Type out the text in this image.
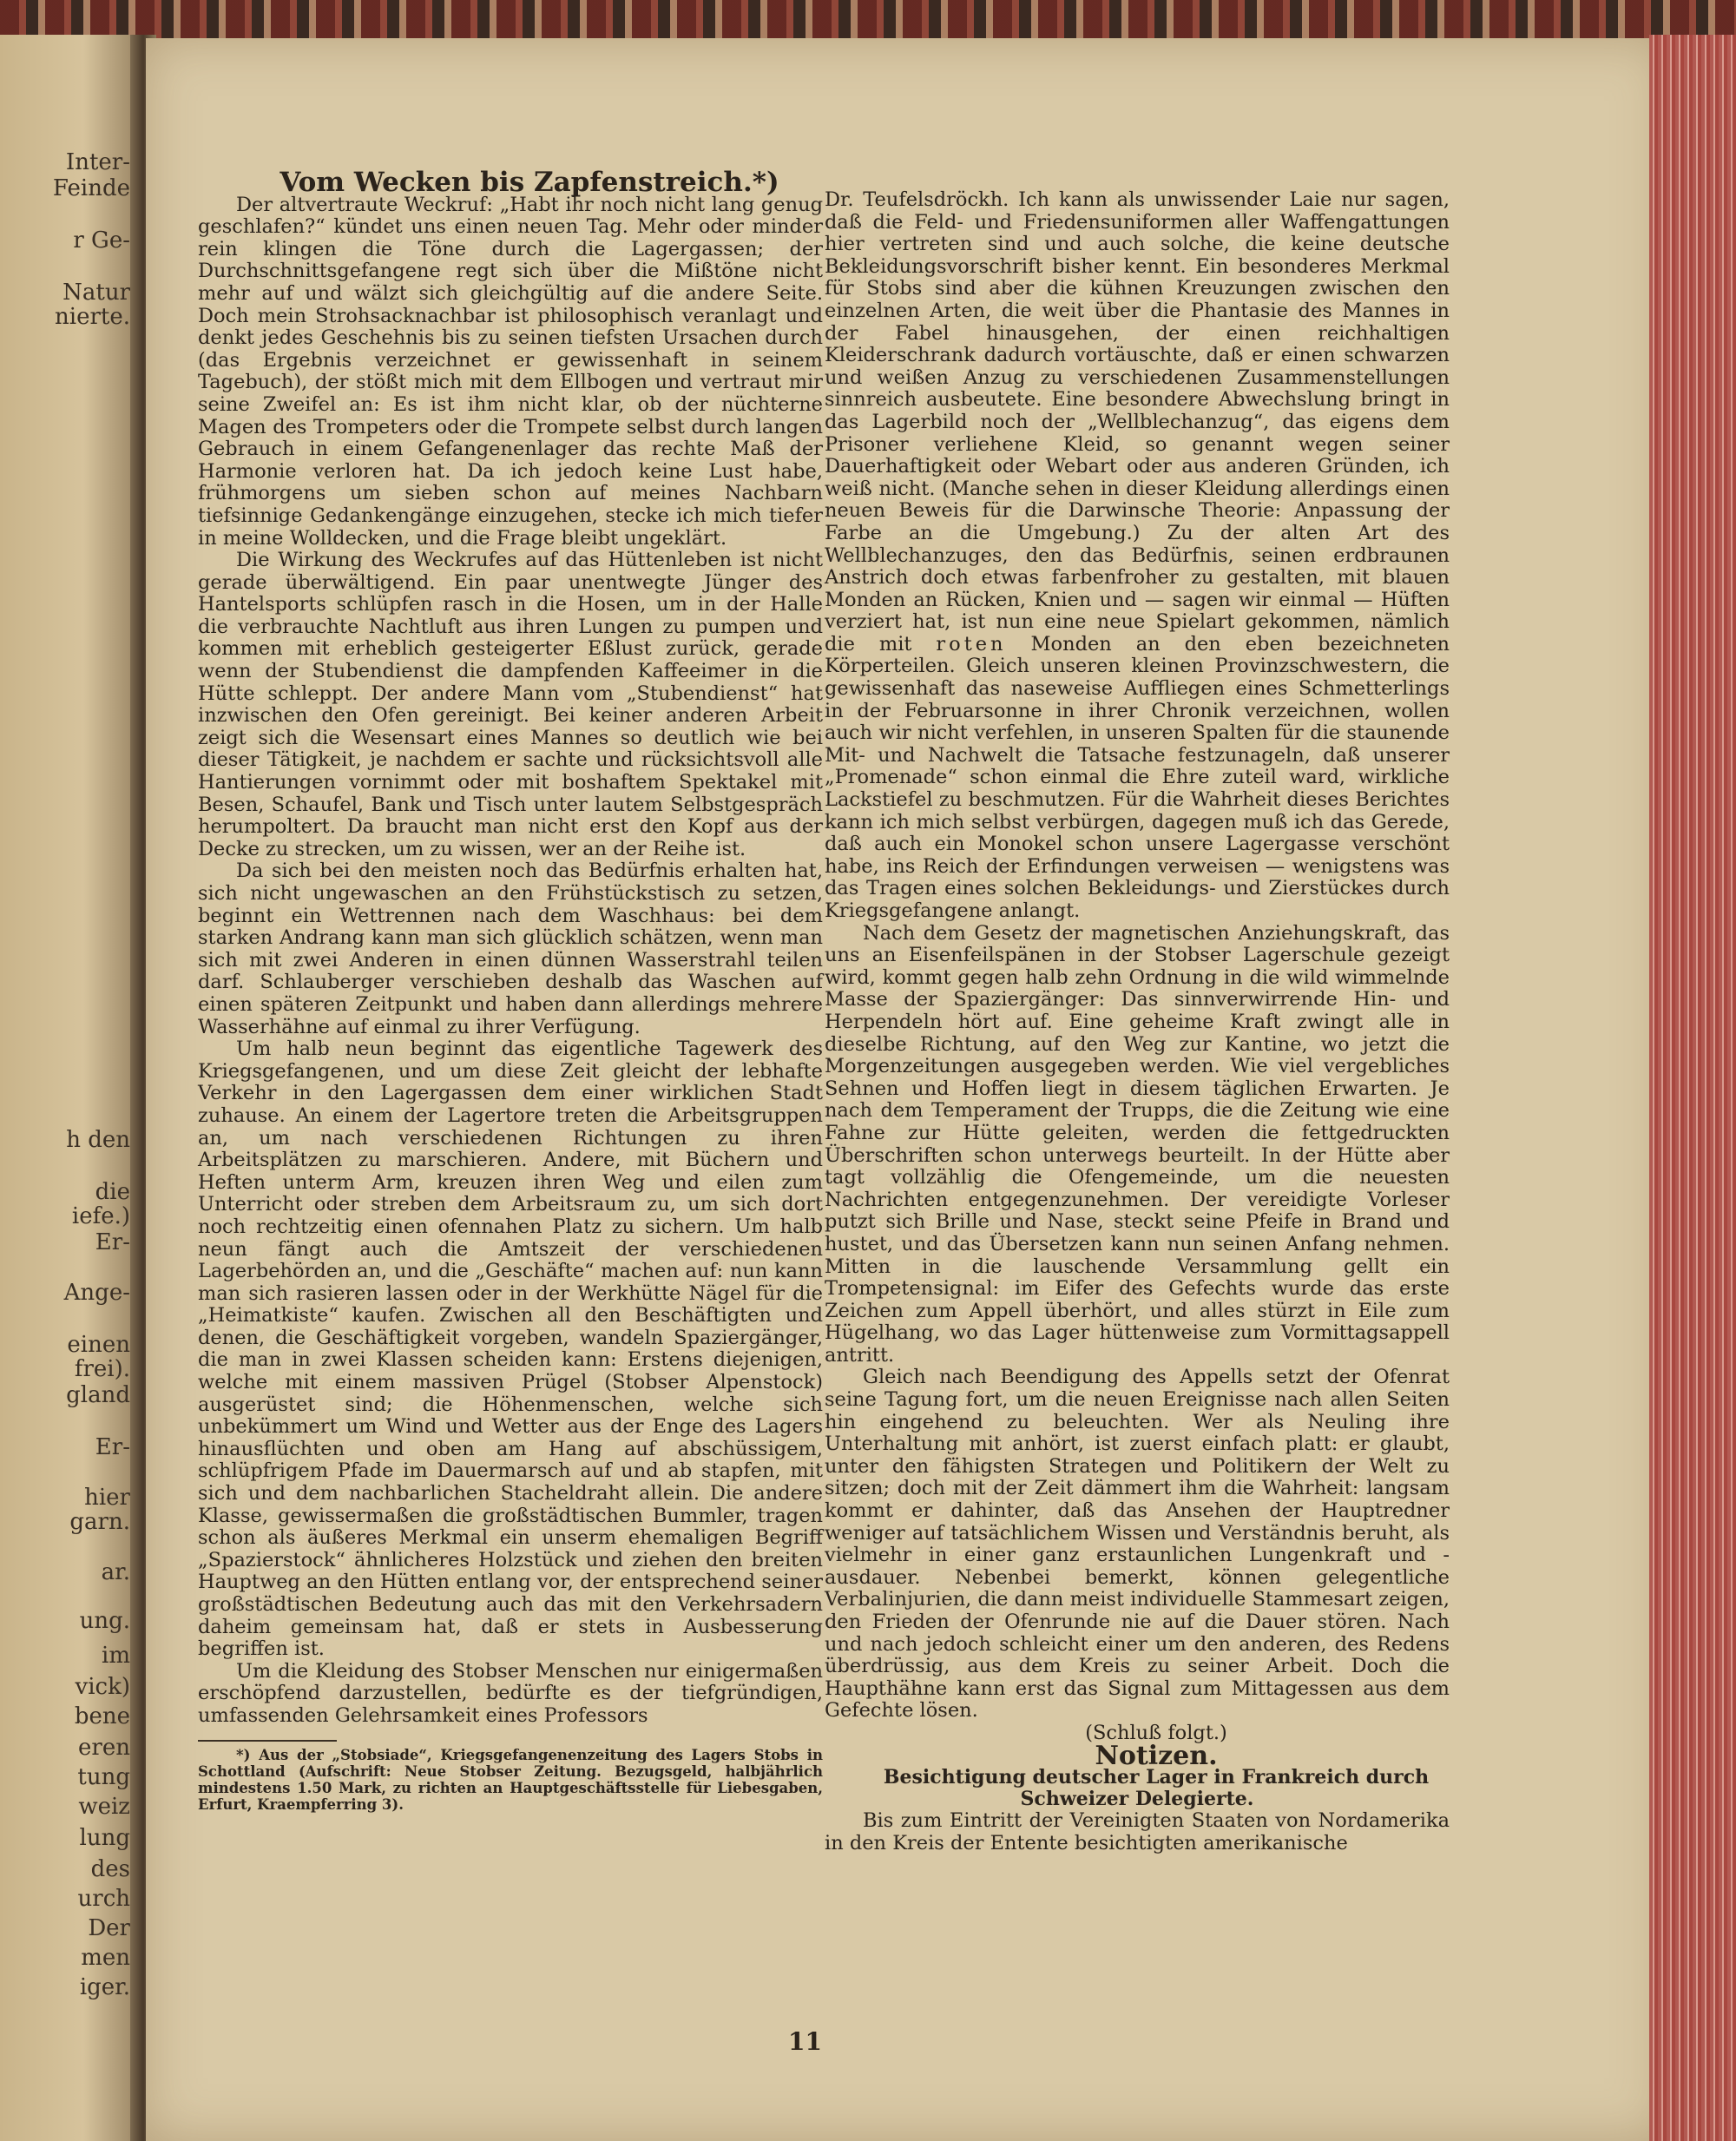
Inter-
Feinde
r Ge-
Natur
nierte.
h den
die
iefe.)
Er-
Ange-
einen
frei).
gland
Er-
hier
garn.
ar.
ung.
im
vick)
bene
eren
tung
weiz
lung
des
urch
Der
men
iger.

Vom Wecken bis Zapfenstreich.*)

Der altvertraute Weckruf: „Habt ihr noch nicht lang genug geschlafen?“ kündet uns einen neuen Tag. Mehr oder minder rein klingen die Töne durch die Lagergassen; der Durchschnittsgefangene regt sich über die Mißtöne nicht mehr auf und wälzt sich gleichgültig auf die andere Seite. Doch mein Strohsacknachbar ist philosophisch veranlagt und denkt jedes Geschehnis bis zu seinen tiefsten Ursachen durch (das Ergebnis verzeichnet er gewissenhaft in seinem Tagebuch), der stößt mich mit dem Ellbogen und vertraut mir seine Zweifel an: Es ist ihm nicht klar, ob der nüchterne Magen des Trompeters oder die Trompete selbst durch langen Gebrauch in einem Gefangenenlager das rechte Maß der Harmonie verloren hat. Da ich jedoch keine Lust habe, frühmorgens um sieben schon auf meines Nachbarn tiefsinnige Gedankengänge einzugehen, stecke ich mich tiefer in meine Wolldecken, und die Frage bleibt ungeklärt.

Die Wirkung des Weckrufes auf das Hüttenleben ist nicht gerade überwältigend. Ein paar unentwegte Jünger des Hantelsports schlüpfen rasch in die Hosen, um in der Halle die verbrauchte Nachtluft aus ihren Lungen zu pumpen und kommen mit erheblich gesteigerter Eßlust zurück, gerade wenn der Stubendienst die dampfenden Kaffeeimer in die Hütte schleppt. Der andere Mann vom „Stubendienst“ hat inzwischen den Ofen gereinigt. Bei keiner anderen Arbeit zeigt sich die Wesensart eines Mannes so deutlich wie bei dieser Tätigkeit, je nachdem er sachte und rücksichtsvoll alle Hantierungen vornimmt oder mit boshaftem Spektakel mit Besen, Schaufel, Bank und Tisch unter lautem Selbstgespräch herumpoltert. Da braucht man nicht erst den Kopf aus der Decke zu strecken, um zu wissen, wer an der Reihe ist.

Da sich bei den meisten noch das Bedürfnis erhalten hat, sich nicht ungewaschen an den Frühstückstisch zu setzen, beginnt ein Wettrennen nach dem Waschhaus: bei dem starken Andrang kann man sich glücklich schätzen, wenn man sich mit zwei Anderen in einen dünnen Wasserstrahl teilen darf. Schlauberger verschieben deshalb das Waschen auf einen späteren Zeitpunkt und haben dann allerdings mehrere Wasserhähne auf einmal zu ihrer Verfügung.

Um halb neun beginnt das eigentliche Tagewerk des Kriegsgefangenen, und um diese Zeit gleicht der lebhafte Verkehr in den Lagergassen dem einer wirklichen Stadt zuhause. An einem der Lagertore treten die Arbeitsgruppen an, um nach verschiedenen Richtungen zu ihren Arbeitsplätzen zu marschieren. Andere, mit Büchern und Heften unterm Arm, kreuzen ihren Weg und eilen zum Unterricht oder streben dem Arbeitsraum zu, um sich dort noch rechtzeitig einen ofennahen Platz zu sichern. Um halb neun fängt auch die Amtszeit der verschiedenen Lagerbehörden an, und die „Geschäfte“ machen auf: nun kann man sich rasieren lassen oder in der Werkhütte Nägel für die „Heimatkiste“ kaufen. Zwischen all den Beschäftigten und denen, die Geschäftigkeit vorgeben, wandeln Spaziergänger, die man in zwei Klassen scheiden kann: Erstens diejenigen, welche mit einem massiven Prügel (Stobser Alpenstock) ausgerüstet sind; die Höhenmenschen, welche sich unbekümmert um Wind und Wetter aus der Enge des Lagers hinausflüchten und oben am Hang auf abschüssigem, schlüpfrigem Pfade im Dauermarsch auf und ab stapfen, mit sich und dem nachbarlichen Stacheldraht allein. Die andere Klasse, gewissermaßen die großstädtischen Bummler, tragen schon als äußeres Merkmal ein unserm ehemaligen Begriff „Spazierstock“ ähnlicheres Holzstück und ziehen den breiten Hauptweg an den Hütten entlang vor, der entsprechend seiner großstädtischen Bedeutung auch das mit den Verkehrsadern daheim gemeinsam hat, daß er stets in Ausbesserung begriffen ist.

Um die Kleidung des Stobser Menschen nur einigermaßen erschöpfend darzustellen, bedürfte es der tiefgründigen, umfassenden Gelehrsamkeit eines Professors

*) Aus der „Stobsiade“, Kriegsgefangenenzeitung des Lagers Stobs in Schottland (Aufschrift: Neue Stobser Zeitung. Bezugsgeld, halbjährlich mindestens 1.50 Mark, zu richten an Hauptgeschäftsstelle für Liebesgaben, Erfurt, Kraempferring 3).

Dr. Teufelsdröckh. Ich kann als unwissender Laie nur sagen, daß die Feld- und Friedensuniformen aller Waffengattungen hier vertreten sind und auch solche, die keine deutsche Bekleidungsvorschrift bisher kennt. Ein besonderes Merkmal für Stobs sind aber die kühnen Kreuzungen zwischen den einzelnen Arten, die weit über die Phantasie des Mannes in der Fabel hinausgehen, der einen reichhaltigen Kleiderschrank dadurch vortäuschte, daß er einen schwarzen und weißen Anzug zu verschiedenen Zusammenstellungen sinnreich ausbeutete. Eine besondere Abwechslung bringt in das Lagerbild noch der „Wellblechanzug“, das eigens dem Prisoner verliehene Kleid, so genannt wegen seiner Dauerhaftigkeit oder Webart oder aus anderen Gründen, ich weiß nicht. (Manche sehen in dieser Kleidung allerdings einen neuen Beweis für die Darwinsche Theorie: Anpassung der Farbe an die Umgebung.) Zu der alten Art des Wellblechanzuges, den das Bedürfnis, seinen erdbraunen Anstrich doch etwas farbenfroher zu gestalten, mit blauen Monden an Rücken, Knien und — sagen wir einmal — Hüften verziert hat, ist nun eine neue Spielart gekommen, nämlich die mit roten Monden an den eben bezeichneten Körperteilen. Gleich unseren kleinen Provinzschwestern, die gewissenhaft das naseweise Auffliegen eines Schmetterlings in der Februarsonne in ihrer Chronik verzeichnen, wollen auch wir nicht verfehlen, in unseren Spalten für die staunende Mit- und Nachwelt die Tatsache festzunageln, daß unserer „Promenade“ schon einmal die Ehre zuteil ward, wirkliche Lackstiefel zu beschmutzen. Für die Wahrheit dieses Berichtes kann ich mich selbst verbürgen, dagegen muß ich das Gerede, daß auch ein Monokel schon unsere Lagergasse verschönt habe, ins Reich der Erfindungen verweisen — wenigstens was das Tragen eines solchen Bekleidungs- und Zierstückes durch Kriegsgefangene anlangt.

Nach dem Gesetz der magnetischen Anziehungskraft, das uns an Eisenfeilspänen in der Stobser Lagerschule gezeigt wird, kommt gegen halb zehn Ordnung in die wild wimmelnde Masse der Spaziergänger: Das sinnverwirrende Hin- und Herpendeln hört auf. Eine geheime Kraft zwingt alle in dieselbe Richtung, auf den Weg zur Kantine, wo jetzt die Morgenzeitungen ausgegeben werden. Wie viel vergebliches Sehnen und Hoffen liegt in diesem täglichen Erwarten. Je nach dem Temperament der Trupps, die die Zeitung wie eine Fahne zur Hütte geleiten, werden die fettgedruckten Überschriften schon unterwegs beurteilt. In der Hütte aber tagt vollzählig die Ofengemeinde, um die neuesten Nachrichten entgegenzunehmen. Der vereidigte Vorleser putzt sich Brille und Nase, steckt seine Pfeife in Brand und hustet, und das Übersetzen kann nun seinen Anfang nehmen. Mitten in die lauschende Versammlung gellt ein Trompetensignal: im Eifer des Gefechts wurde das erste Zeichen zum Appell überhört, und alles stürzt in Eile zum Hügelhang, wo das Lager hüttenweise zum Vormittagsappell antritt.

Gleich nach Beendigung des Appells setzt der Ofenrat seine Tagung fort, um die neuen Ereignisse nach allen Seiten hin eingehend zu beleuchten. Wer als Neuling ihre Unterhaltung mit anhört, ist zuerst einfach platt: er glaubt, unter den fähigsten Strategen und Politikern der Welt zu sitzen; doch mit der Zeit dämmert ihm die Wahrheit: langsam kommt er dahinter, daß das Ansehen der Hauptredner weniger auf tatsächlichem Wissen und Verständnis beruht, als vielmehr in einer ganz erstaunlichen Lungenkraft und -ausdauer. Nebenbei bemerkt, können gelegentliche Verbalinjurien, die dann meist individuelle Stammesart zeigen, den Frieden der Ofenrunde nie auf die Dauer stören. Nach und nach jedoch schleicht einer um den anderen, des Redens überdrüssig, aus dem Kreis zu seiner Arbeit. Doch die Haupthähne kann erst das Signal zum Mittagessen aus dem Gefechte lösen.

(Schluß folgt.)

Notizen.

Besichtigung deutscher Lager in Frankreich durch Schweizer Delegierte.

Bis zum Eintritt der Vereinigten Staaten von Nordamerika in den Kreis der Entente besichtigten amerikanische

11
